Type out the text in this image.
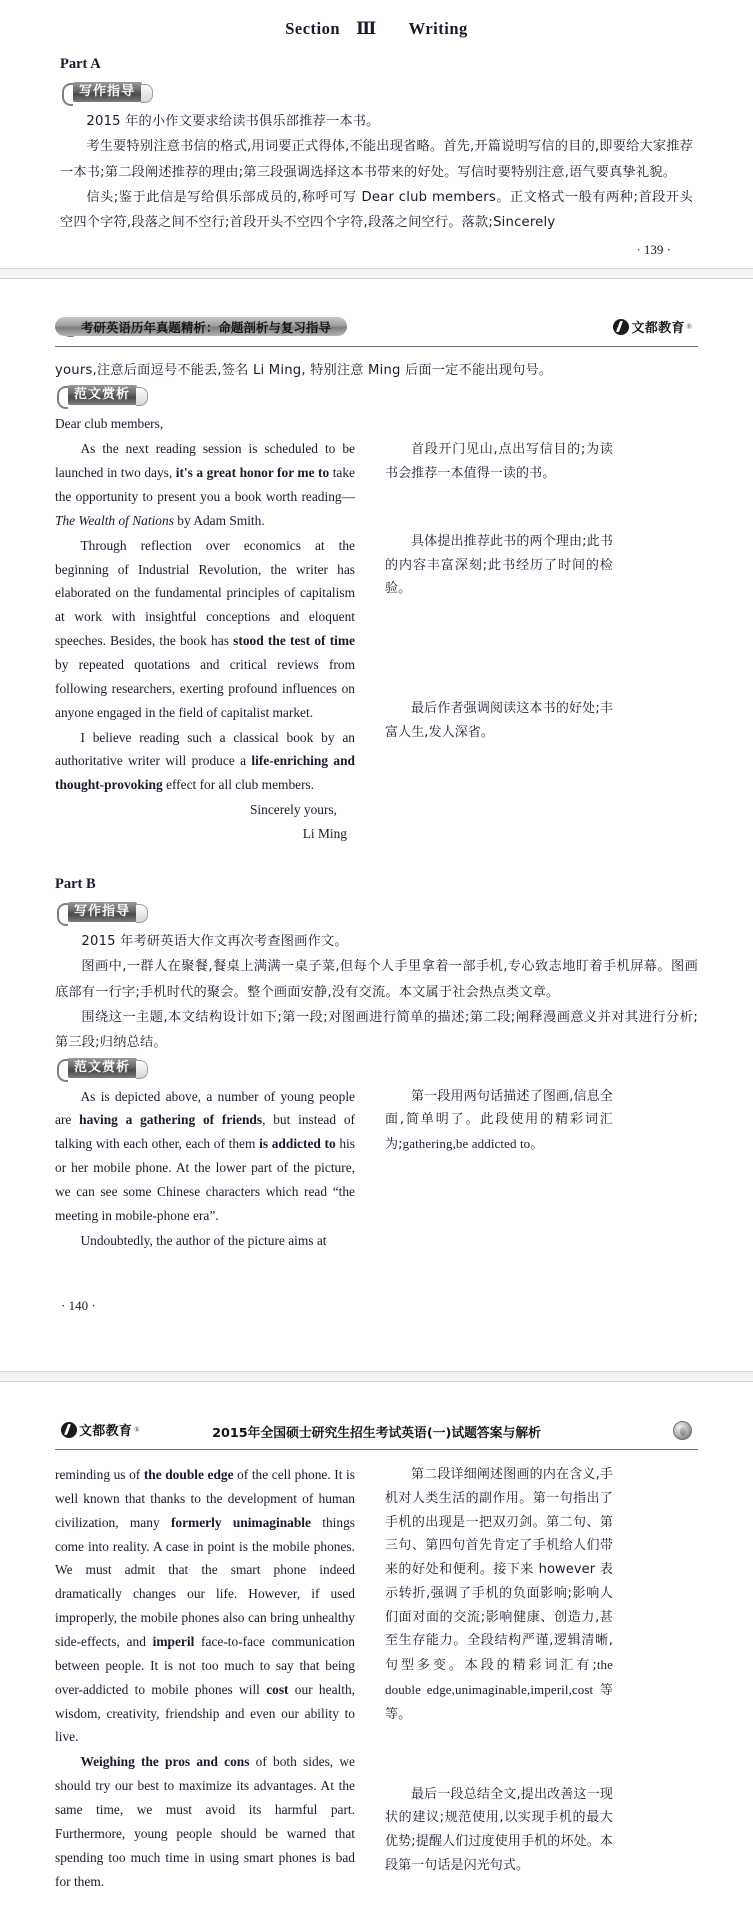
Section Ⅲ Writing
Part A
写作指导

2015 年的小作文要求给读书俱乐部推荐一本书。

考生要特别注意书信的格式,用词要正式得体,不能出现省略。首先,开篇说明写信的目的,即要给大家推荐一本书;第二段阐述推荐的理由;第三段强调选择这本书带来的好处。写信时要特别注意,语气要真挚礼貌。

信头;鉴于此信是写给俱乐部成员的,称呼可写 Dear club members。正文格式一般有两种;首段开头空四个字符,段落之间不空行;首段开头不空四个字符,段落之间空行。落款;Sincerely

· 139 ·
考研英语历年真题精析：命题剖析与复习指导	文都教育 ®

yours,注意后面逗号不能丢,签名 Li Ming, 特别注意 Ming 后面一定不能出现句号。

范文赏析

Dear club members,

As the next reading session is scheduled to be launched in two days, it's a great honor for me to take the opportunity to present you a book worth reading—The Wealth of Nations by Adam Smith.

Through reflection over economics at the beginning of Industrial Revolution, the writer has elaborated on the fundamental principles of capitalism at work with insightful conceptions and eloquent speeches. Besides, the book has stood the test of time by repeated quotations and critical reviews from following researchers, exerting profound influences on anyone engaged in the field of capitalist market.

I believe reading such a classical book by an authoritative writer will produce a life-enriching and thought-provoking effect for all club members.

Sincerely yours,

Li Ming

首段开门见山,点出写信目的;为读书会推荐一本值得一读的书。

具体提出推荐此书的两个理由;此书的内容丰富深刻;此书经历了时间的检验。

最后作者强调阅读这本书的好处;丰富人生,发人深省。

Part B
写作指导

2015 年考研英语大作文再次考查图画作文。

图画中,一群人在聚餐,餐桌上满满一桌子菜,但每个人手里拿着一部手机,专心致志地盯着手机屏幕。图画底部有一行字;手机时代的聚会。整个画面安静,没有交流。本文属于社会热点类文章。

围绕这一主题,本文结构设计如下;第一段;对图画进行简单的描述;第二段;阐释漫画意义并对其进行分析;第三段;归纳总结。

范文赏析

As is depicted above, a number of young people are having a gathering of friends, but instead of talking with each other, each of them is addicted to his or her mobile phone. At the lower part of the picture, we can see some Chinese characters which read “the meeting in mobile-phone era”.

Undoubtedly, the author of the picture aims at

第一段用两句话描述了图画,信息全面,简单明了。此段使用的精彩词汇为;gathering,be addicted to。

· 140 ·
文都教育 ®	2015年全国硕士研究生招生考试英语(一)试题答案与解析

reminding us of the double edge of the cell phone. It is well known that thanks to the development of human civilization, many formerly unimaginable things come into reality. A case in point is the mobile phones. We must admit that the smart phone indeed dramatically changes our life. However, if used improperly, the mobile phones also can bring unhealthy side-effects, and imperil face-to-face communication between people. It is not too much to say that being over-addicted to mobile phones will cost our health, wisdom, creativity, friendship and even our ability to live.

Weighing the pros and cons of both sides, we should try our best to maximize its advantages. At the same time, we must avoid its harmful part. Furthermore, young people should be warned that spending too much time in using smart phones is bad for them.

第二段详细阐述图画的内在含义,手机对人类生活的副作用。第一句指出了手机的出现是一把双刃剑。第二句、第三句、第四句首先肯定了手机给人们带来的好处和便利。接下来 however 表示转折,强调了手机的负面影响;影响人们面对面的交流;影响健康、创造力,甚至生存能力。全段结构严谨,逻辑清晰,句型多变。本段的精彩词汇有;the double edge,unimaginable,imperil,cost 等等。

最后一段总结全文,提出改善这一现状的建议;规范使用,以实现手机的最大优势;提醒人们过度使用手机的坏处。本段第一句话是闪光句式。
